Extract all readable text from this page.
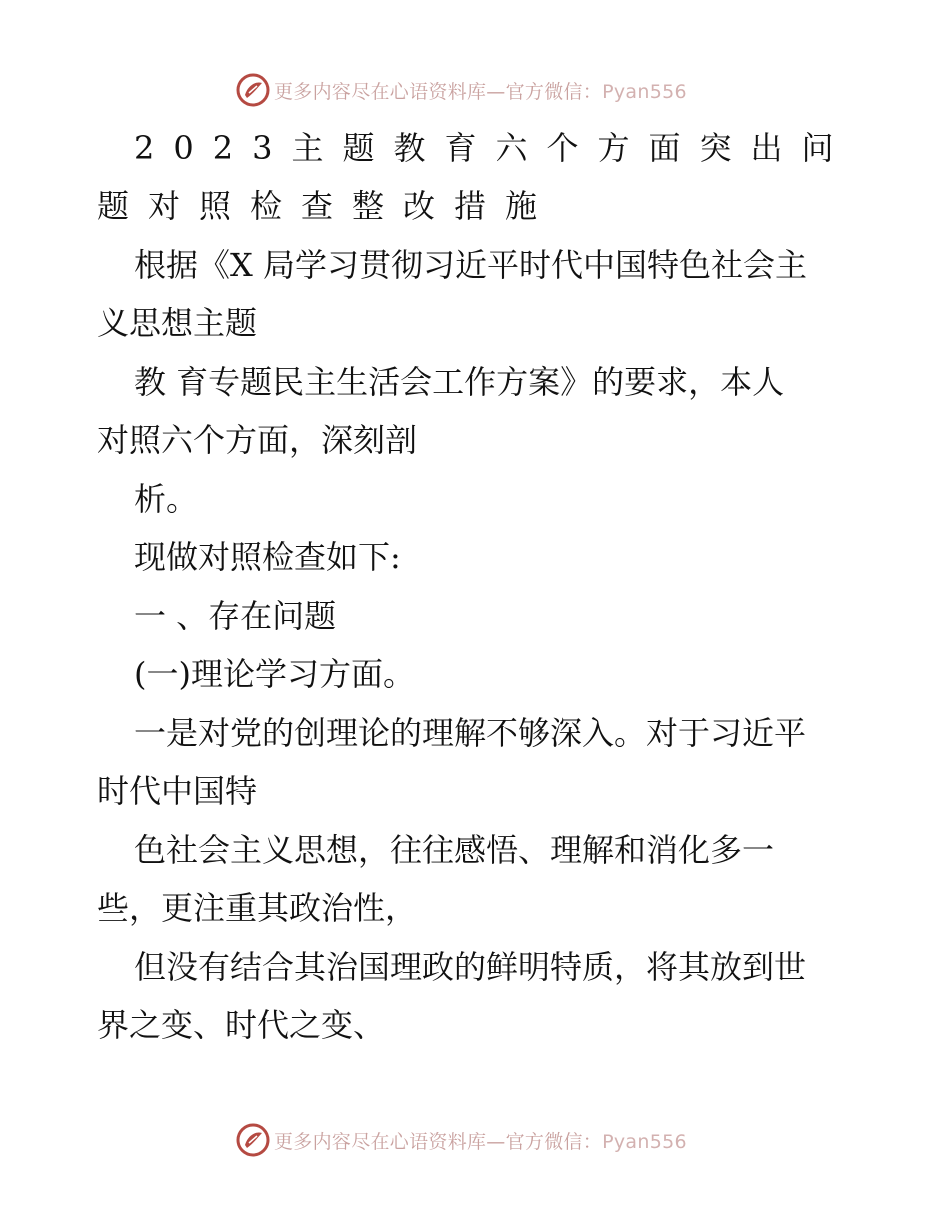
更多内容尽在心语资料库—官方微信：Pyan556
2023主题教育六个方面突出问
题对照检查整改措施
根据《X 局学习贯彻习近平时代中国特色社会主
义思想主题
教 育专题民主生活会工作方案》的要求，本人
对照六个方面，深刻剖
析。
现做对照检查如下:
一 、存在问题
(一)理论学习方面。
一是对党的创理论的理解不够深入。对于习近平
时代中国特
色社会主义思想，往往感悟、理解和消化多一
些，更注重其政治性，
但没有结合其治国理政的鲜明特质，将其放到世
界之变、时代之变、
更多内容尽在心语资料库—官方微信：Pyan556
